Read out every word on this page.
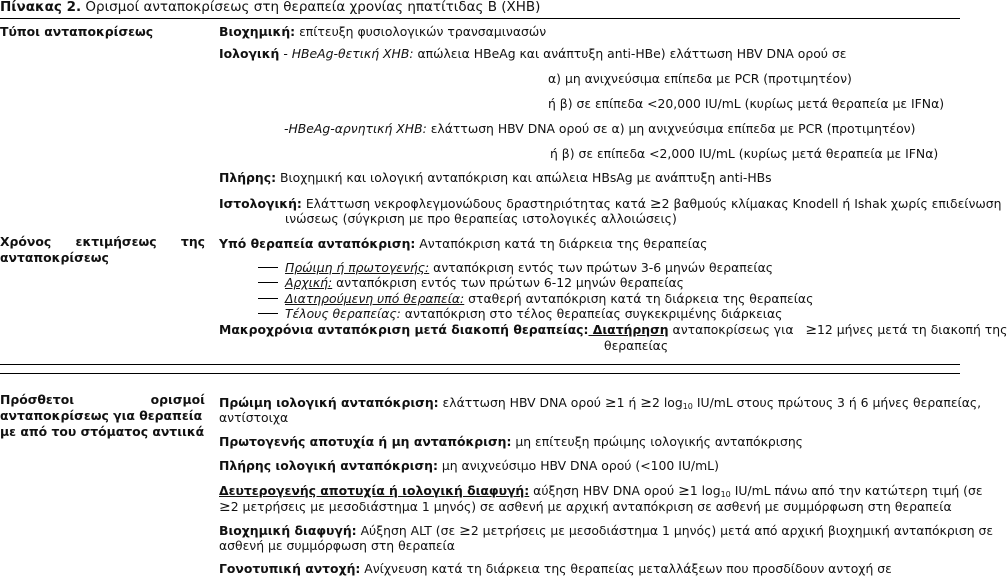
Πίνακας 2. Ορισμοί ανταποκρίσεως στη θεραπεία χρονίας ηπατίτιδας Β (ΧΗΒ)
Τύποι ανταποκρίσεως
Χρόνος εκτιμήσεως της
ανταποκρίσεως
Πρόσθετοι	ορισμοί
ανταποκρίσεως για θεραπεία
με από του στόματος αντιικά
Βιοχημική: επίτευξη φυσιολογικών τρανσαμινασών
Ιολογική - HBeAg-θετική ΧΗΒ: απώλεια HBeAg και ανάπτυξη anti-HBe) ελάττωση HBV DNA ορού σε
α) μη ανιχνεύσιμα επίπεδα με PCR (προτιμητέον)
ή β) σε επίπεδα <20,000 IU/mL (κυρίως μετά θεραπεία με IFNα)
-HBeAg-αρνητική ΧΗΒ: ελάττωση HBV DNA ορού σε α) μη ανιχνεύσιμα επίπεδα με PCR (προτιμητέον)
ή β) σε επίπεδα <2,000 IU/mL (κυρίως μετά θεραπεία με IFNα)
Πλήρης: Βιοχημική και ιολογική ανταπόκριση και απώλεια HBsAg με ανάπτυξη anti-HBs
Ιστολογική: Ελάττωση νεκροφλεγμονώδους δραστηριότητας κατά ≥2 βαθμούς κλίμακας Knodell ή Ishak χωρίς επιδείνωση
ινώσεως (σύγκριση με προ θεραπείας ιστολογικές αλλοιώσεις)
Υπό θεραπεία ανταπόκριση: Ανταπόκριση κατά τη διάρκεια της θεραπείας
Πρώιμη ή πρωτογενής: ανταπόκριση εντός των πρώτων 3-6 μηνών θεραπείας
Αρχική: ανταπόκριση εντός των πρώτων 6-12 μηνών θεραπείας
Διατηρούμενη υπό θεραπεία: σταθερή ανταπόκριση κατά τη διάρκεια της θεραπείας
Τέλους θεραπείας: ανταπόκριση στο τέλος θεραπείας συγκεκριμένης διάρκειας
Μακροχρόνια ανταπόκριση μετά διακοπή θεραπείας: Διατήρηση ανταποκρίσεως για ≥12 μήνες μετά τη διακοπή της
θεραπείας
Πρώιμη ιολογική ανταπόκριση: ελάττωση HBV DNA ορού ≥1 ή ≥2 $\log_{10} IU/mL$ στους πρώτους 3 ή 6 μήνες θεραπείας,
αντίστοιχα
Πρωτογενής αποτυχία ή μη ανταπόκριση: μη επίτευξη πρώιμης ιολογικής ανταπόκρισης
Πλήρης ιολογική ανταπόκριση: μη ανιχνεύσιμο HBV DNA ορού (<100 IU/mL)
Δευτερογενής αποτυχία ή ιολογική διαφυγή: αύξηση HBV DNA ορού ≥1 $\log_{10} IU/mL$ πάνω από την κατώτερη τιμή (σε
≥2 μετρήσεις με μεσοδιάστημα 1 μηνός) σε ασθενή με αρχική ανταπόκριση σε ασθενή με συμμόρφωση στη θεραπεία
Βιοχημική διαφυγή: Αύξηση ALT (σε ≥2 μετρήσεις με μεσοδιάστημα 1 μηνός) μετά από αρχική βιοχημική ανταπόκριση σε
ασθενή με συμμόρφωση στη θεραπεία
Γονοτυπική αντοχή: Ανίχνευση κατά τη διάρκεια της θεραπείας μεταλλάξεων που προσδίδουν αντοχή σε
